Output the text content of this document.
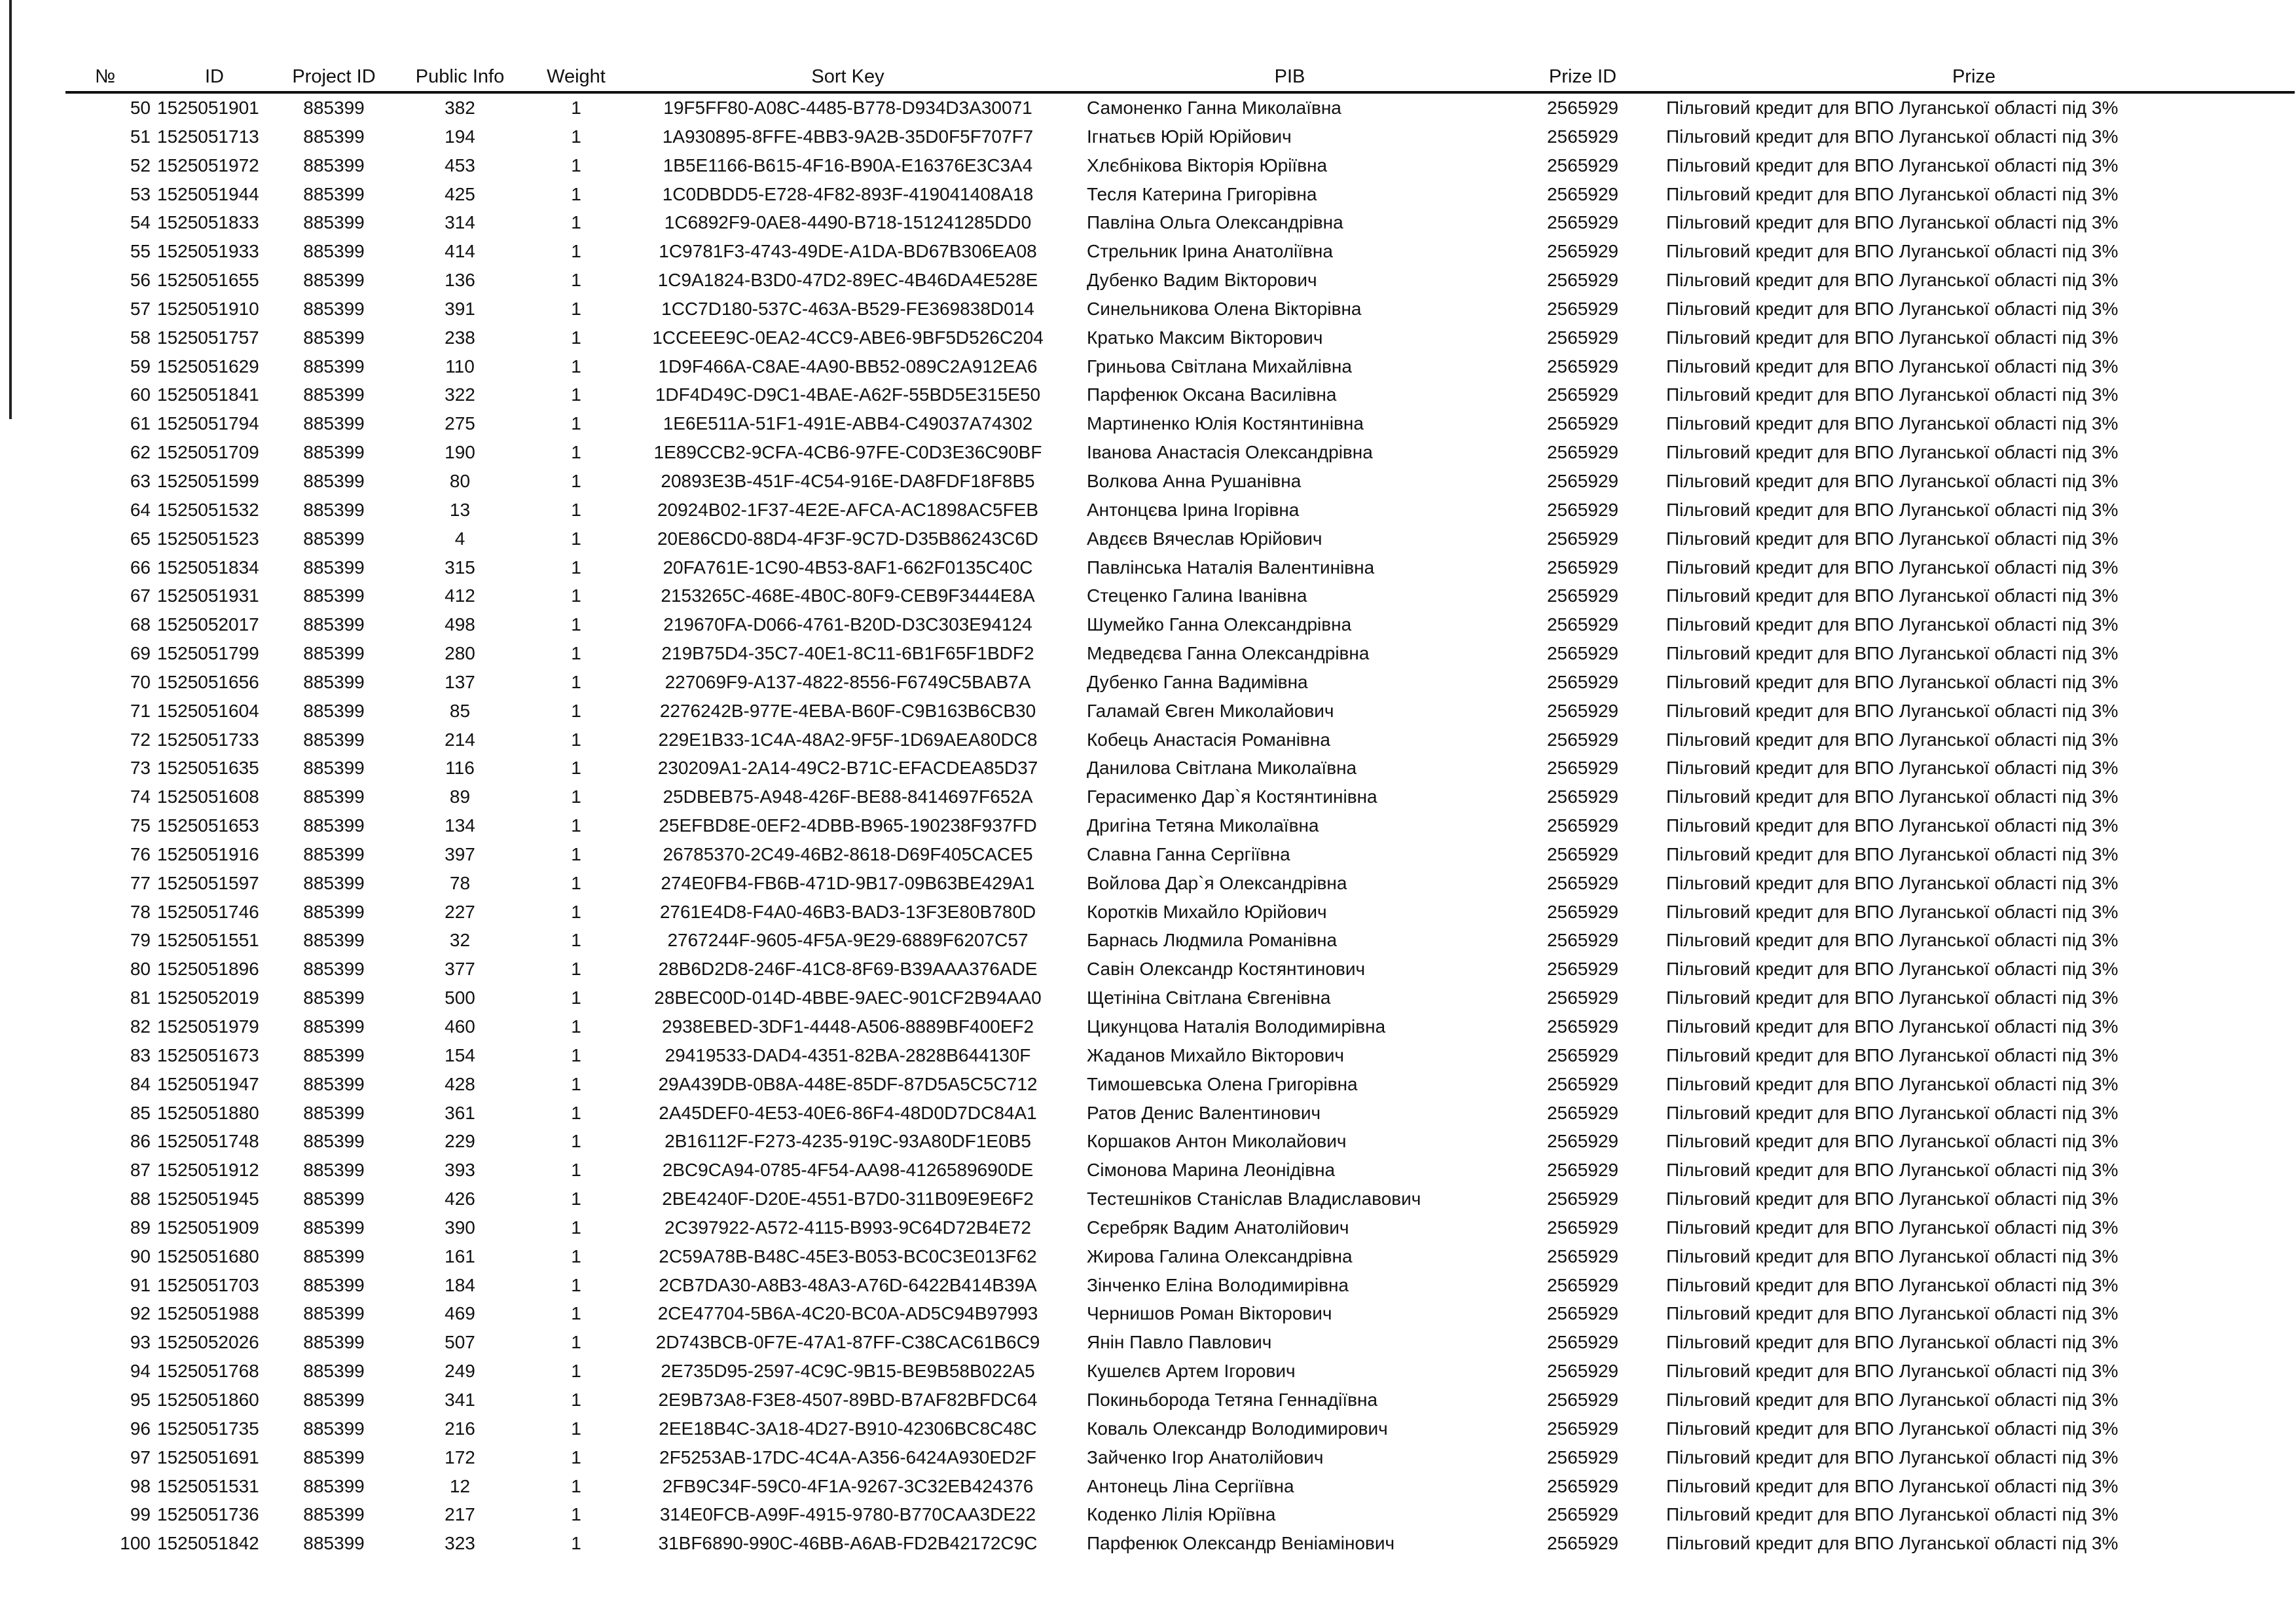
№	ID	Project ID	Public Info	Weight	Sort Key	PIB	Prize ID	Prize
50	1525051901	885399	382	1	19F5FF80-A08C-4485-B778-D934D3A30071	Самоненко Ганна Миколаївна	2565929	Пільговий кредит для ВПО Луганської області під 3%
51	1525051713	885399	194	1	1A930895-8FFE-4BB3-9A2B-35D0F5F707F7	Ігнатьєв Юрій Юрійович	2565929	Пільговий кредит для ВПО Луганської області під 3%
52	1525051972	885399	453	1	1B5E1166-B615-4F16-B90A-E16376E3C3A4	Хлєбнікова Вікторія Юріївна	2565929	Пільговий кредит для ВПО Луганської області під 3%
53	1525051944	885399	425	1	1C0DBDD5-E728-4F82-893F-419041408A18	Тесля Катерина Григорівна	2565929	Пільговий кредит для ВПО Луганської області під 3%
54	1525051833	885399	314	1	1C6892F9-0AE8-4490-B718-151241285DD0	Павліна Ольга Олександрівна	2565929	Пільговий кредит для ВПО Луганської області під 3%
55	1525051933	885399	414	1	1C9781F3-4743-49DE-A1DA-BD67B306EA08	Стрельник Ірина Анатоліївна	2565929	Пільговий кредит для ВПО Луганської області під 3%
56	1525051655	885399	136	1	1C9A1824-B3D0-47D2-89EC-4B46DA4E528E	Дубенко Вадим Вікторович	2565929	Пільговий кредит для ВПО Луганської області під 3%
57	1525051910	885399	391	1	1CC7D180-537C-463A-B529-FE369838D014	Синельникова Олена Вікторівна	2565929	Пільговий кредит для ВПО Луганської області під 3%
58	1525051757	885399	238	1	1CCEEE9C-0EA2-4CC9-ABE6-9BF5D526C204	Кратько Максим Вікторович	2565929	Пільговий кредит для ВПО Луганської області під 3%
59	1525051629	885399	110	1	1D9F466A-C8AE-4A90-BB52-089C2A912EA6	Гриньова Світлана Михайлівна	2565929	Пільговий кредит для ВПО Луганської області під 3%
60	1525051841	885399	322	1	1DF4D49C-D9C1-4BAE-A62F-55BD5E315E50	Парфенюк Оксана Василівна	2565929	Пільговий кредит для ВПО Луганської області під 3%
61	1525051794	885399	275	1	1E6E511A-51F1-491E-ABB4-C49037A74302	Мартиненко Юлія Костянтинівна	2565929	Пільговий кредит для ВПО Луганської області під 3%
62	1525051709	885399	190	1	1E89CCB2-9CFA-4CB6-97FE-C0D3E36C90BF	Іванова Анастасія Олександрівна	2565929	Пільговий кредит для ВПО Луганської області під 3%
63	1525051599	885399	80	1	20893E3B-451F-4C54-916E-DA8FDF18F8B5	Волкова Анна Рушанівна	2565929	Пільговий кредит для ВПО Луганської області під 3%
64	1525051532	885399	13	1	20924B02-1F37-4E2E-AFCA-AC1898AC5FEB	Антонцєва Ірина Ігорівна	2565929	Пільговий кредит для ВПО Луганської області під 3%
65	1525051523	885399	4	1	20E86CD0-88D4-4F3F-9C7D-D35B86243C6D	Авдєєв Вячеслав Юрійович	2565929	Пільговий кредит для ВПО Луганської області під 3%
66	1525051834	885399	315	1	20FA761E-1C90-4B53-8AF1-662F0135C40C	Павлінська Наталія Валентинівна	2565929	Пільговий кредит для ВПО Луганської області під 3%
67	1525051931	885399	412	1	2153265C-468E-4B0C-80F9-CEB9F3444E8A	Стеценко Галина Іванівна	2565929	Пільговий кредит для ВПО Луганської області під 3%
68	1525052017	885399	498	1	219670FA-D066-4761-B20D-D3C303E94124	Шумейко Ганна Олександрівна	2565929	Пільговий кредит для ВПО Луганської області під 3%
69	1525051799	885399	280	1	219B75D4-35C7-40E1-8C11-6B1F65F1BDF2	Медведєва Ганна Олександрівна	2565929	Пільговий кредит для ВПО Луганської області під 3%
70	1525051656	885399	137	1	227069F9-A137-4822-8556-F6749C5BAB7A	Дубенко Ганна Вадимівна	2565929	Пільговий кредит для ВПО Луганської області під 3%
71	1525051604	885399	85	1	2276242B-977E-4EBA-B60F-C9B163B6CB30	Галамай Євген Миколайович	2565929	Пільговий кредит для ВПО Луганської області під 3%
72	1525051733	885399	214	1	229E1B33-1C4A-48A2-9F5F-1D69AEA80DC8	Кобець Анастасія Романівна	2565929	Пільговий кредит для ВПО Луганської області під 3%
73	1525051635	885399	116	1	230209A1-2A14-49C2-B71C-EFACDEA85D37	Данилова Світлана Миколаївна	2565929	Пільговий кредит для ВПО Луганської області під 3%
74	1525051608	885399	89	1	25DBEB75-A948-426F-BE88-8414697F652A	Герасименко Дар`я Костянтинівна	2565929	Пільговий кредит для ВПО Луганської області під 3%
75	1525051653	885399	134	1	25EFBD8E-0EF2-4DBB-B965-190238F937FD	Дригіна Тетяна Миколаївна	2565929	Пільговий кредит для ВПО Луганської області під 3%
76	1525051916	885399	397	1	26785370-2C49-46B2-8618-D69F405CACE5	Славна Ганна Сергіївна	2565929	Пільговий кредит для ВПО Луганської області під 3%
77	1525051597	885399	78	1	274E0FB4-FB6B-471D-9B17-09B63BE429A1	Войлова Дар`я Олександрівна	2565929	Пільговий кредит для ВПО Луганської області під 3%
78	1525051746	885399	227	1	2761E4D8-F4A0-46B3-BAD3-13F3E80B780D	Коротків Михайло Юрійович	2565929	Пільговий кредит для ВПО Луганської області під 3%
79	1525051551	885399	32	1	2767244F-9605-4F5A-9E29-6889F6207C57	Барнась Людмила Романівна	2565929	Пільговий кредит для ВПО Луганської області під 3%
80	1525051896	885399	377	1	28B6D2D8-246F-41C8-8F69-B39AAA376ADE	Савін Олександр Костянтинович	2565929	Пільговий кредит для ВПО Луганської області під 3%
81	1525052019	885399	500	1	28BEC00D-014D-4BBE-9AEC-901CF2B94AA0	Щетініна Світлана Євгенівна	2565929	Пільговий кредит для ВПО Луганської області під 3%
82	1525051979	885399	460	1	2938EBED-3DF1-4448-A506-8889BF400EF2	Цикунцова Наталія Володимирівна	2565929	Пільговий кредит для ВПО Луганської області під 3%
83	1525051673	885399	154	1	29419533-DAD4-4351-82BA-2828B644130F	Жаданов Михайло Вікторович	2565929	Пільговий кредит для ВПО Луганської області під 3%
84	1525051947	885399	428	1	29A439DB-0B8A-448E-85DF-87D5A5C5C712	Тимошевська Олена Григорівна	2565929	Пільговий кредит для ВПО Луганської області під 3%
85	1525051880	885399	361	1	2A45DEF0-4E53-40E6-86F4-48D0D7DC84A1	Ратов Денис Валентинович	2565929	Пільговий кредит для ВПО Луганської області під 3%
86	1525051748	885399	229	1	2B16112F-F273-4235-919C-93A80DF1E0B5	Коршаков Антон Миколайович	2565929	Пільговий кредит для ВПО Луганської області під 3%
87	1525051912	885399	393	1	2BC9CA94-0785-4F54-AA98-4126589690DE	Сімонова Марина Леонідівна	2565929	Пільговий кредит для ВПО Луганської області під 3%
88	1525051945	885399	426	1	2BE4240F-D20E-4551-B7D0-311B09E9E6F2	Тестешніков Станіслав Владиславович	2565929	Пільговий кредит для ВПО Луганської області під 3%
89	1525051909	885399	390	1	2C397922-A572-4115-B993-9C64D72B4E72	Сєребряк Вадим Анатолійович	2565929	Пільговий кредит для ВПО Луганської області під 3%
90	1525051680	885399	161	1	2C59A78B-B48C-45E3-B053-BC0C3E013F62	Жирова Галина Олександрівна	2565929	Пільговий кредит для ВПО Луганської області під 3%
91	1525051703	885399	184	1	2CB7DA30-A8B3-48A3-A76D-6422B414B39A	Зінченко Еліна Володимирівна	2565929	Пільговий кредит для ВПО Луганської області під 3%
92	1525051988	885399	469	1	2CE47704-5B6A-4C20-BC0A-AD5C94B97993	Чернишов Роман Вікторович	2565929	Пільговий кредит для ВПО Луганської області під 3%
93	1525052026	885399	507	1	2D743BCB-0F7E-47A1-87FF-C38CAC61B6C9	Янін Павло Павлович	2565929	Пільговий кредит для ВПО Луганської області під 3%
94	1525051768	885399	249	1	2E735D95-2597-4C9C-9B15-BE9B58B022A5	Кушелєв Артем Ігорович	2565929	Пільговий кредит для ВПО Луганської області під 3%
95	1525051860	885399	341	1	2E9B73A8-F3E8-4507-89BD-B7AF82BFDC64	Покиньборода Тетяна Геннадіївна	2565929	Пільговий кредит для ВПО Луганської області під 3%
96	1525051735	885399	216	1	2EE18B4C-3A18-4D27-B910-42306BC8C48C	Коваль Олександр Володимирович	2565929	Пільговий кредит для ВПО Луганської області під 3%
97	1525051691	885399	172	1	2F5253AB-17DC-4C4A-A356-6424A930ED2F	Зайченко Ігор Анатолійович	2565929	Пільговий кредит для ВПО Луганської області під 3%
98	1525051531	885399	12	1	2FB9C34F-59C0-4F1A-9267-3C32EB424376	Антонець Ліна Сергіївна	2565929	Пільговий кредит для ВПО Луганської області під 3%
99	1525051736	885399	217	1	314E0FCB-A99F-4915-9780-B770CAA3DE22	Коденко Лілія Юріївна	2565929	Пільговий кредит для ВПО Луганської області під 3%
100	1525051842	885399	323	1	31BF6890-990C-46BB-A6AB-FD2B42172C9C	Парфенюк Олександр Веніамінович	2565929	Пільговий кредит для ВПО Луганської області під 3%
